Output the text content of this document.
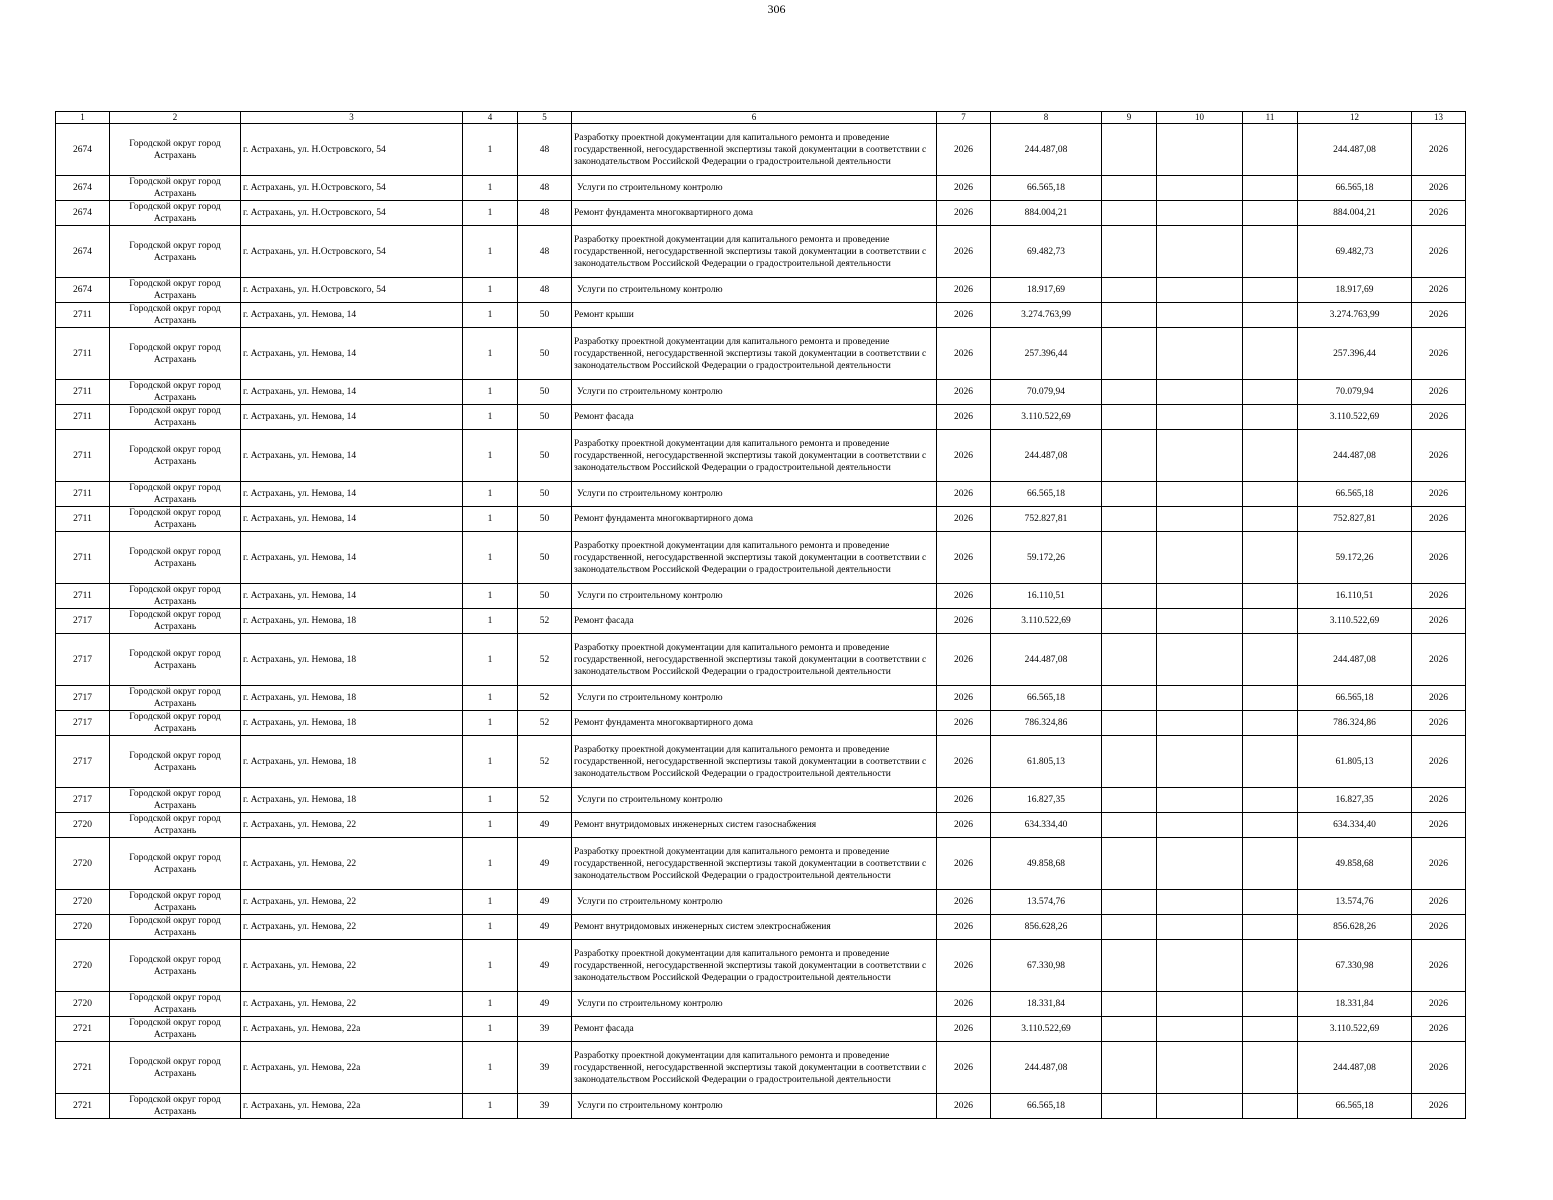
306
1	2	3	4	5	6	7	8	9	10	11	12	13
2674	Городской округ город Астрахань	г. Астрахань, ул. Н.Островского, 54	1	48	Разработку проектной документации для капитального ремонта и проведение государственной, негосударственной экспертизы такой документации в соответствии с законодательством Российской Федерации о градостроительной деятельности	2026	244.487,08				244.487,08	2026
2674	Городской округ город Астрахань	г. Астрахань, ул. Н.Островского, 54	1	48	Услуги по строительному контролю	2026	66.565,18				66.565,18	2026
2674	Городской округ город Астрахань	г. Астрахань, ул. Н.Островского, 54	1	48	Ремонт фундамента многоквартирного дома	2026	884.004,21				884.004,21	2026
2674	Городской округ город Астрахань	г. Астрахань, ул. Н.Островского, 54	1	48	Разработку проектной документации для капитального ремонта и проведение государственной, негосударственной экспертизы такой документации в соответствии с законодательством Российской Федерации о градостроительной деятельности	2026	69.482,73				69.482,73	2026
2674	Городской округ город Астрахань	г. Астрахань, ул. Н.Островского, 54	1	48	Услуги по строительному контролю	2026	18.917,69				18.917,69	2026
2711	Городской округ город Астрахань	г. Астрахань, ул. Немова, 14	1	50	Ремонт крыши	2026	3.274.763,99				3.274.763,99	2026
2711	Городской округ город Астрахань	г. Астрахань, ул. Немова, 14	1	50	Разработку проектной документации для капитального ремонта и проведение государственной, негосударственной экспертизы такой документации в соответствии с законодательством Российской Федерации о градостроительной деятельности	2026	257.396,44				257.396,44	2026
2711	Городской округ город Астрахань	г. Астрахань, ул. Немова, 14	1	50	Услуги по строительному контролю	2026	70.079,94				70.079,94	2026
2711	Городской округ город Астрахань	г. Астрахань, ул. Немова, 14	1	50	Ремонт фасада	2026	3.110.522,69				3.110.522,69	2026
2711	Городской округ город Астрахань	г. Астрахань, ул. Немова, 14	1	50	Разработку проектной документации для капитального ремонта и проведение государственной, негосударственной экспертизы такой документации в соответствии с законодательством Российской Федерации о градостроительной деятельности	2026	244.487,08				244.487,08	2026
2711	Городской округ город Астрахань	г. Астрахань, ул. Немова, 14	1	50	Услуги по строительному контролю	2026	66.565,18				66.565,18	2026
2711	Городской округ город Астрахань	г. Астрахань, ул. Немова, 14	1	50	Ремонт фундамента многоквартирного дома	2026	752.827,81				752.827,81	2026
2711	Городской округ город Астрахань	г. Астрахань, ул. Немова, 14	1	50	Разработку проектной документации для капитального ремонта и проведение государственной, негосударственной экспертизы такой документации в соответствии с законодательством Российской Федерации о градостроительной деятельности	2026	59.172,26				59.172,26	2026
2711	Городской округ город Астрахань	г. Астрахань, ул. Немова, 14	1	50	Услуги по строительному контролю	2026	16.110,51				16.110,51	2026
2717	Городской округ город Астрахань	г. Астрахань, ул. Немова, 18	1	52	Ремонт фасада	2026	3.110.522,69				3.110.522,69	2026
2717	Городской округ город Астрахань	г. Астрахань, ул. Немова, 18	1	52	Разработку проектной документации для капитального ремонта и проведение государственной, негосударственной экспертизы такой документации в соответствии с законодательством Российской Федерации о градостроительной деятельности	2026	244.487,08				244.487,08	2026
2717	Городской округ город Астрахань	г. Астрахань, ул. Немова, 18	1	52	Услуги по строительному контролю	2026	66.565,18				66.565,18	2026
2717	Городской округ город Астрахань	г. Астрахань, ул. Немова, 18	1	52	Ремонт фундамента многоквартирного дома	2026	786.324,86				786.324,86	2026
2717	Городской округ город Астрахань	г. Астрахань, ул. Немова, 18	1	52	Разработку проектной документации для капитального ремонта и проведение государственной, негосударственной экспертизы такой документации в соответствии с законодательством Российской Федерации о градостроительной деятельности	2026	61.805,13				61.805,13	2026
2717	Городской округ город Астрахань	г. Астрахань, ул. Немова, 18	1	52	Услуги по строительному контролю	2026	16.827,35				16.827,35	2026
2720	Городской округ город Астрахань	г. Астрахань, ул. Немова, 22	1	49	Ремонт внутридомовых инженерных систем газоснабжения	2026	634.334,40				634.334,40	2026
2720	Городской округ город Астрахань	г. Астрахань, ул. Немова, 22	1	49	Разработку проектной документации для капитального ремонта и проведение государственной, негосударственной экспертизы такой документации в соответствии с законодательством Российской Федерации о градостроительной деятельности	2026	49.858,68				49.858,68	2026
2720	Городской округ город Астрахань	г. Астрахань, ул. Немова, 22	1	49	Услуги по строительному контролю	2026	13.574,76				13.574,76	2026
2720	Городской округ город Астрахань	г. Астрахань, ул. Немова, 22	1	49	Ремонт внутридомовых инженерных систем электроснабжения	2026	856.628,26				856.628,26	2026
2720	Городской округ город Астрахань	г. Астрахань, ул. Немова, 22	1	49	Разработку проектной документации для капитального ремонта и проведение государственной, негосударственной экспертизы такой документации в соответствии с законодательством Российской Федерации о градостроительной деятельности	2026	67.330,98				67.330,98	2026
2720	Городской округ город Астрахань	г. Астрахань, ул. Немова, 22	1	49	Услуги по строительному контролю	2026	18.331,84				18.331,84	2026
2721	Городской округ город Астрахань	г. Астрахань, ул. Немова, 22а	1	39	Ремонт фасада	2026	3.110.522,69				3.110.522,69	2026
2721	Городской округ город Астрахань	г. Астрахань, ул. Немова, 22а	1	39	Разработку проектной документации для капитального ремонта и проведение государственной, негосударственной экспертизы такой документации в соответствии с законодательством Российской Федерации о градостроительной деятельности	2026	244.487,08				244.487,08	2026
2721	Городской округ город Астрахань	г. Астрахань, ул. Немова, 22а	1	39	Услуги по строительному контролю	2026	66.565,18				66.565,18	2026
